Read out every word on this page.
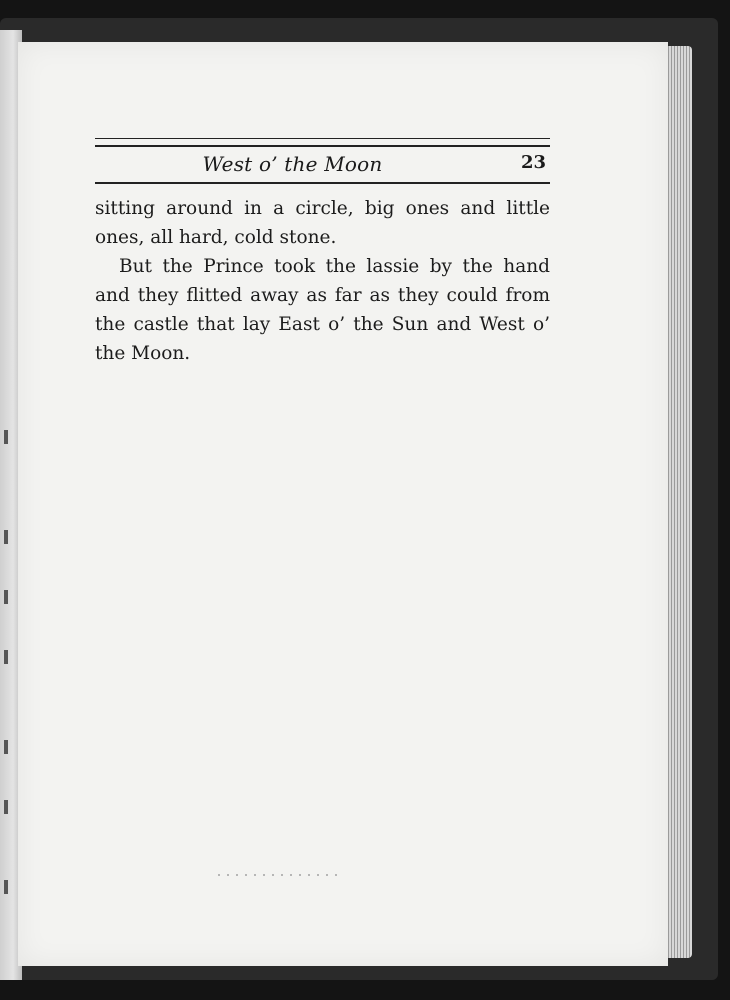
West o’ the Moon	23

sitting around in a circle, big ones and little
ones, all hard, cold stone.

But the Prince took the lassie by the hand
and they flitted away as far as they could from
the castle that lay East o’ the Sun and West o’
the Moon.
